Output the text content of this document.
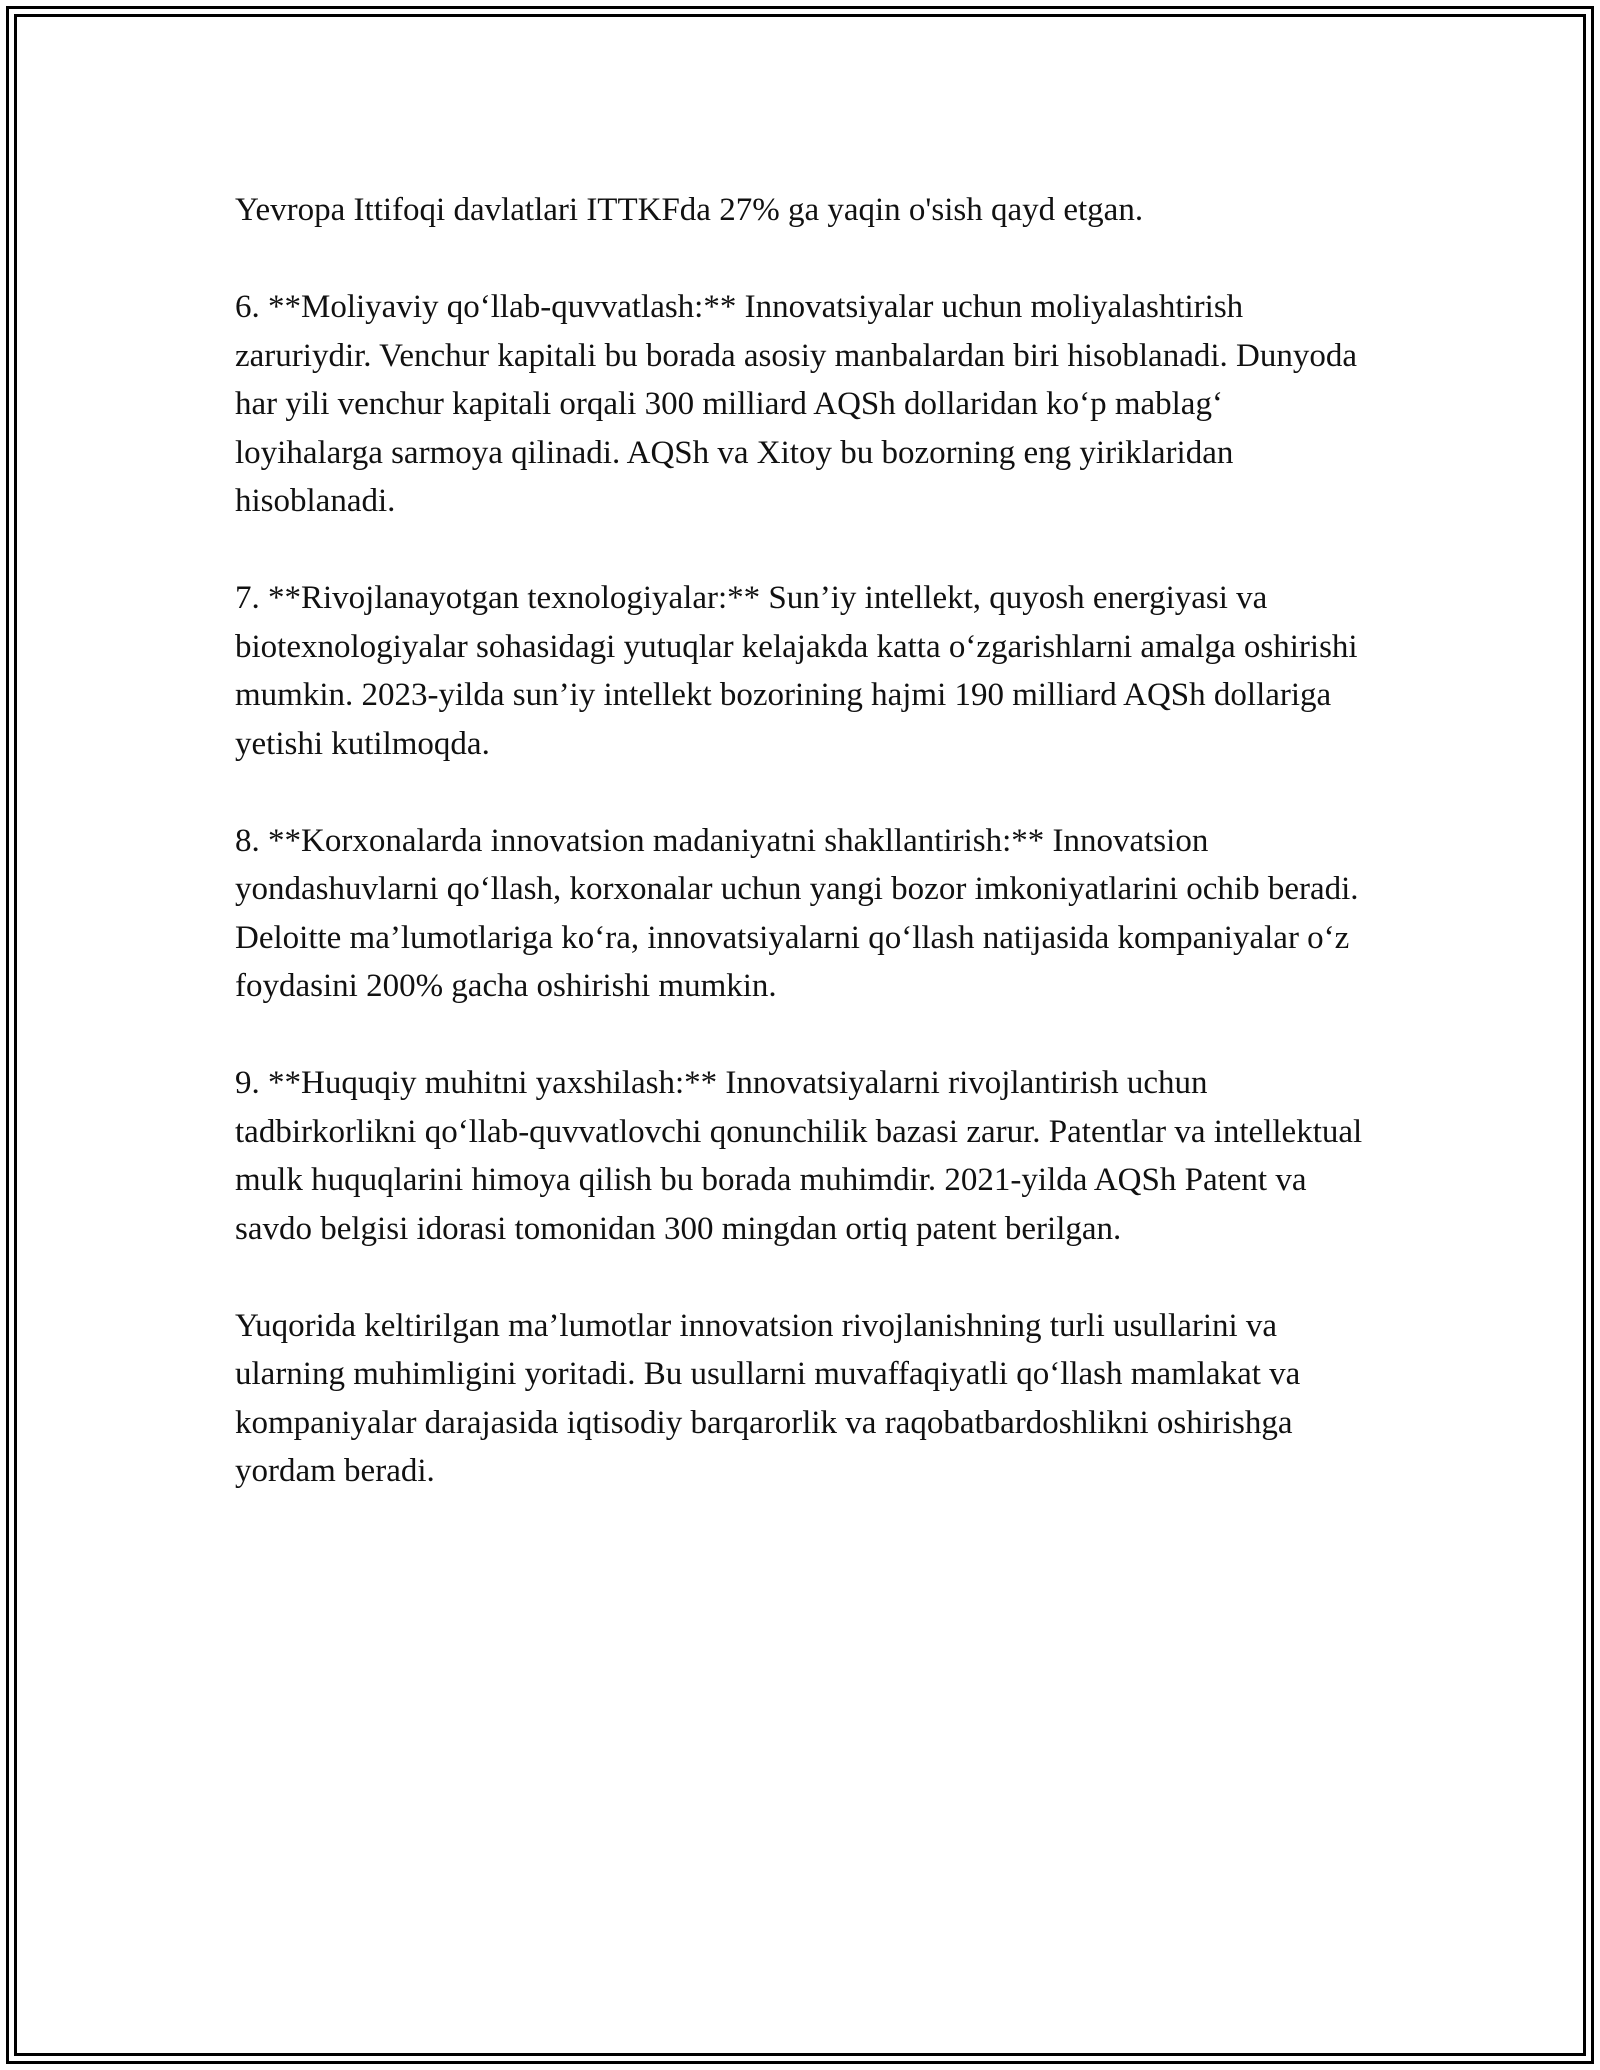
Yevropa Ittifoqi davlatlari ITTKFda 27% ga yaqin o'sish qayd etgan.

6. **Moliyaviy qo‘llab-quvvatlash:** Innovatsiyalar uchun moliyalashtirish zaruriydir. Venchur kapitali bu borada asosiy manbalardan biri hisoblanadi. Dunyoda har yili venchur kapitali orqali 300 milliard AQSh dollaridan ko‘p mablag‘ loyihalarga sarmoya qilinadi. AQSh va Xitoy bu bozorning eng yiriklaridan hisoblanadi.

7. **Rivojlanayotgan texnologiyalar:** Sun’iy intellekt, quyosh energiyasi va biotexnologiyalar sohasidagi yutuqlar kelajakda katta o‘zgarishlarni amalga oshirishi mumkin. 2023-yilda sun’iy intellekt bozorining hajmi 190 milliard AQSh dollariga yetishi kutilmoqda.

8. **Korxonalarda innovatsion madaniyatni shakllantirish:** Innovatsion yondashuvlarni qo‘llash, korxonalar uchun yangi bozor imkoniyatlarini ochib beradi. Deloitte ma’lumotlariga ko‘ra, innovatsiyalarni qo‘llash natijasida kompaniyalar o‘z foydasini 200% gacha oshirishi mumkin.

9. **Huquqiy muhitni yaxshilash:** Innovatsiyalarni rivojlantirish uchun tadbirkorlikni qo‘llab-quvvatlovchi qonunchilik bazasi zarur. Patentlar va intellektual mulk huquqlarini himoya qilish bu borada muhimdir. 2021-yilda AQSh Patent va savdo belgisi idorasi tomonidan 300 mingdan ortiq patent berilgan.

Yuqorida keltirilgan ma’lumotlar innovatsion rivojlanishning turli usullarini va ularning muhimligini yoritadi. Bu usullarni muvaffaqiyatli qo‘llash mamlakat va kompaniyalar darajasida iqtisodiy barqarorlik va raqobatbardoshlikni oshirishga yordam beradi.
